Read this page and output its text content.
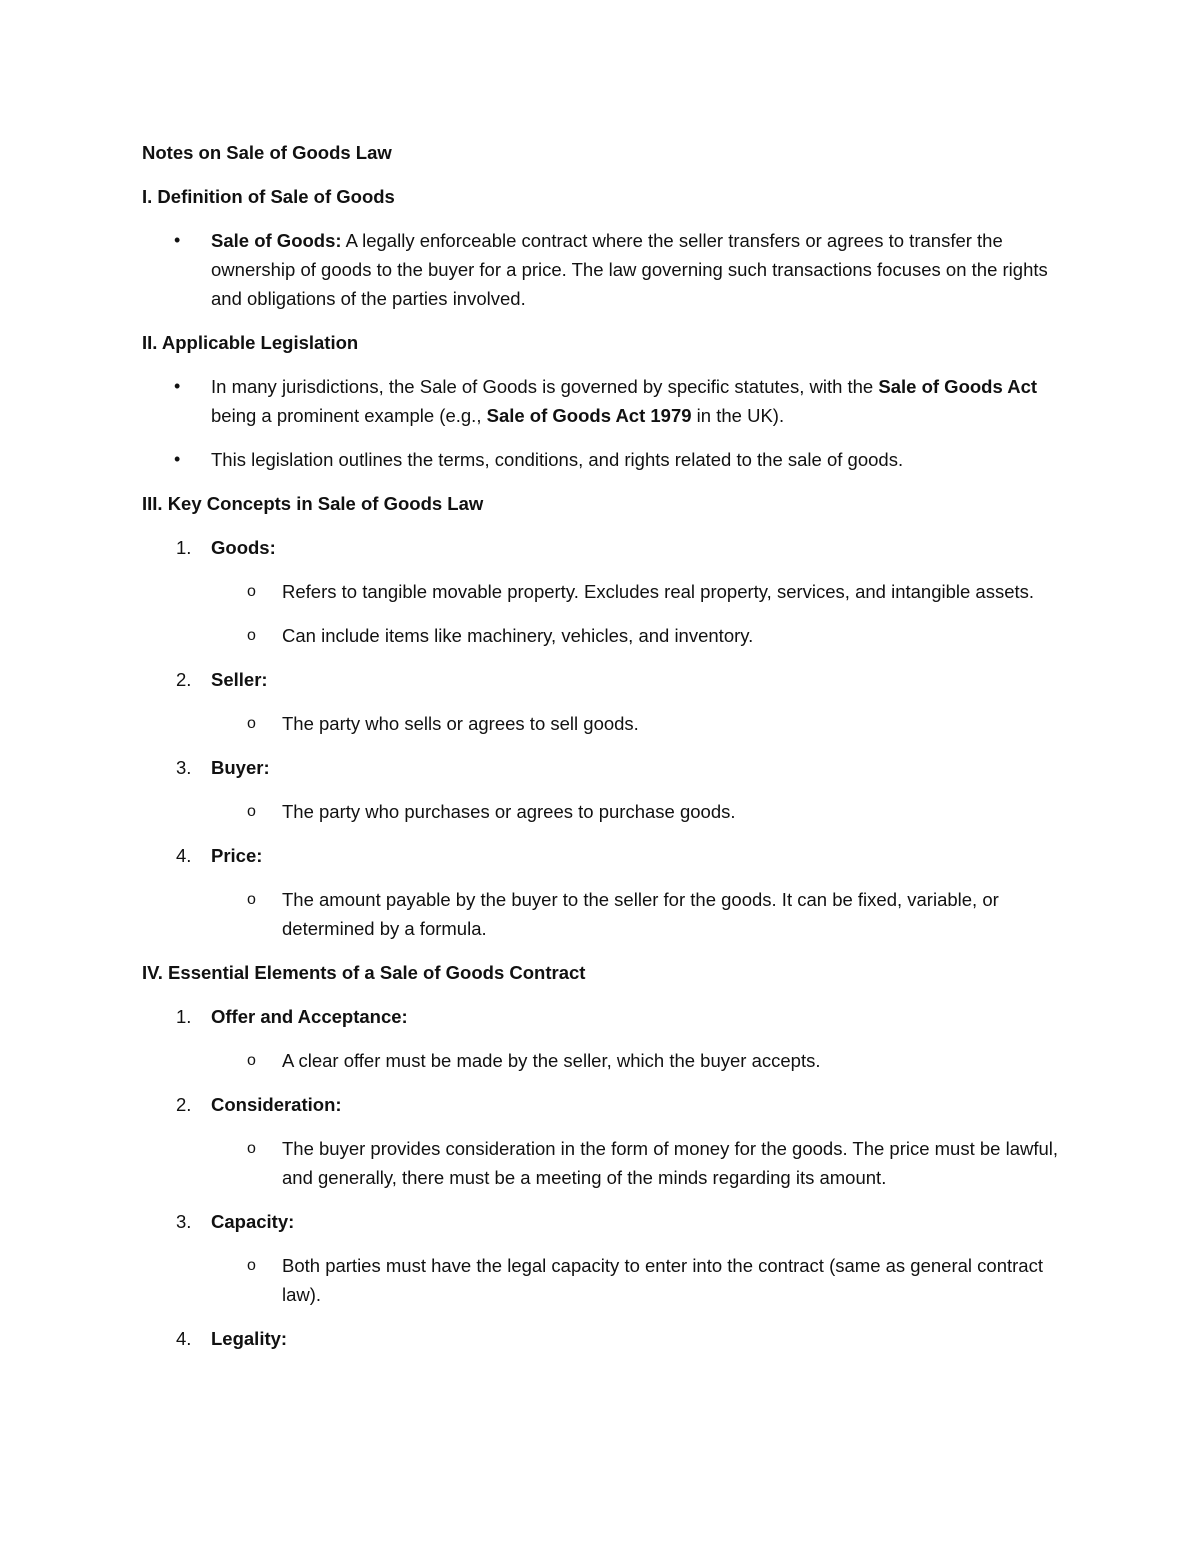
Notes on Sale of Goods Law
I. Definition of Sale of Goods
• Sale of Goods: A legally enforceable contract where the seller transfers or agrees to transfer the ownership of goods to the buyer for a price. The law governing such transactions focuses on the rights and obligations of the parties involved.
II. Applicable Legislation
• In many jurisdictions, the Sale of Goods is governed by specific statutes, with the Sale of Goods Act being a prominent example (e.g., Sale of Goods Act 1979 in the UK).
• This legislation outlines the terms, conditions, and rights related to the sale of goods.
III. Key Concepts in Sale of Goods Law
1.	Goods:
o Refers to tangible movable property. Excludes real property, services, and intangible assets.
o Can include items like machinery, vehicles, and inventory.
2.	Seller:
o The party who sells or agrees to sell goods.
3.	Buyer:
o The party who purchases or agrees to purchase goods.
4.	Price:
o The amount payable by the buyer to the seller for the goods. It can be fixed, variable, or determined by a formula.
IV. Essential Elements of a Sale of Goods Contract
1.	Offer and Acceptance:
o A clear offer must be made by the seller, which the buyer accepts.
2.	Consideration:
o The buyer provides consideration in the form of money for the goods. The price must be lawful, and generally, there must be a meeting of the minds regarding its amount.
3.	Capacity:
o Both parties must have the legal capacity to enter into the contract (same as general contract law).
4.	Legality:
